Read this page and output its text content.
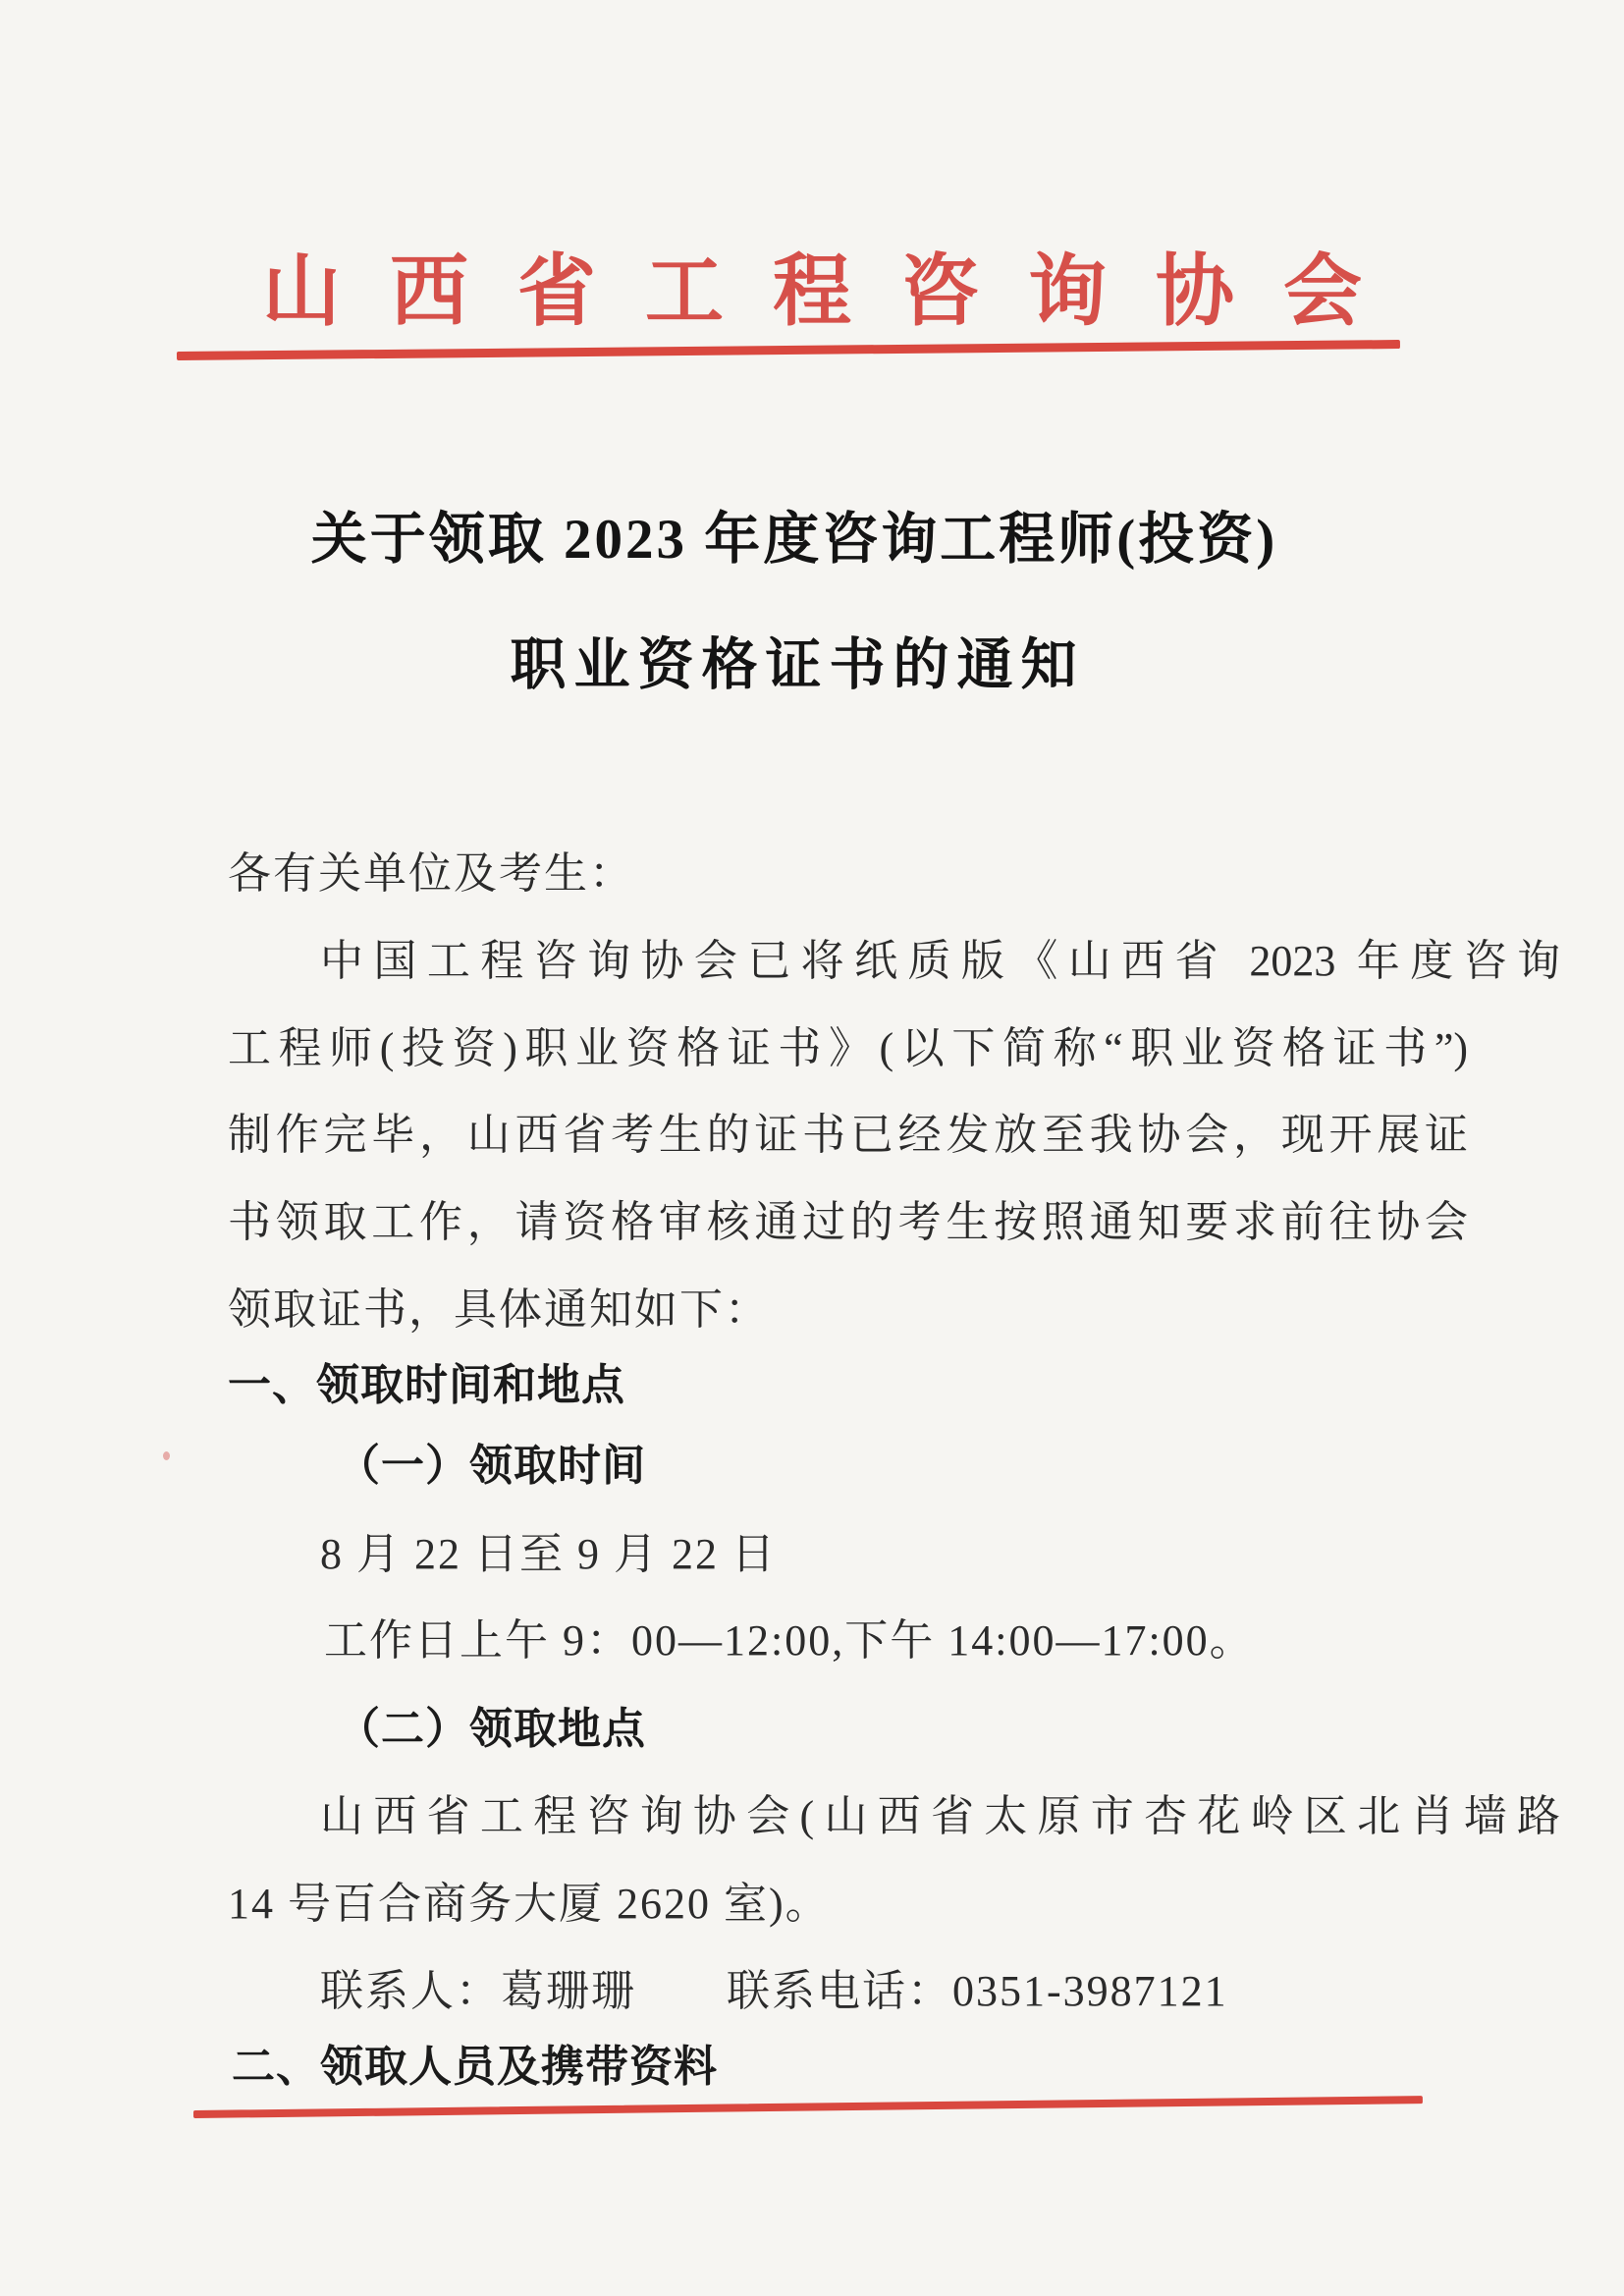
山西省工程咨询协会
关于领取 2023 年度咨询工程师(投资)
职业资格证书的通知
各有关单位及考生：
中国工程咨询协会已将纸质版《山西省 2023 年度咨询
工程师(投资)职业资格证书》(以下简称“职业资格证书”)
制作完毕，山西省考生的证书已经发放至我协会，现开展证
书领取工作，请资格审核通过的考生按照通知要求前往协会
领取证书，具体通知如下：
一、领取时间和地点
（一）领取时间
8 月 22 日至 9 月 22 日
工作日上午 9：00—12:00,下午 14:00—17:00。
（二）领取地点
山西省工程咨询协会(山西省太原市杏花岭区北肖墙路
14 号百合商务大厦 2620 室)。
联系人：葛珊珊　　联系电话：0351-3987121
二、领取人员及携带资料
